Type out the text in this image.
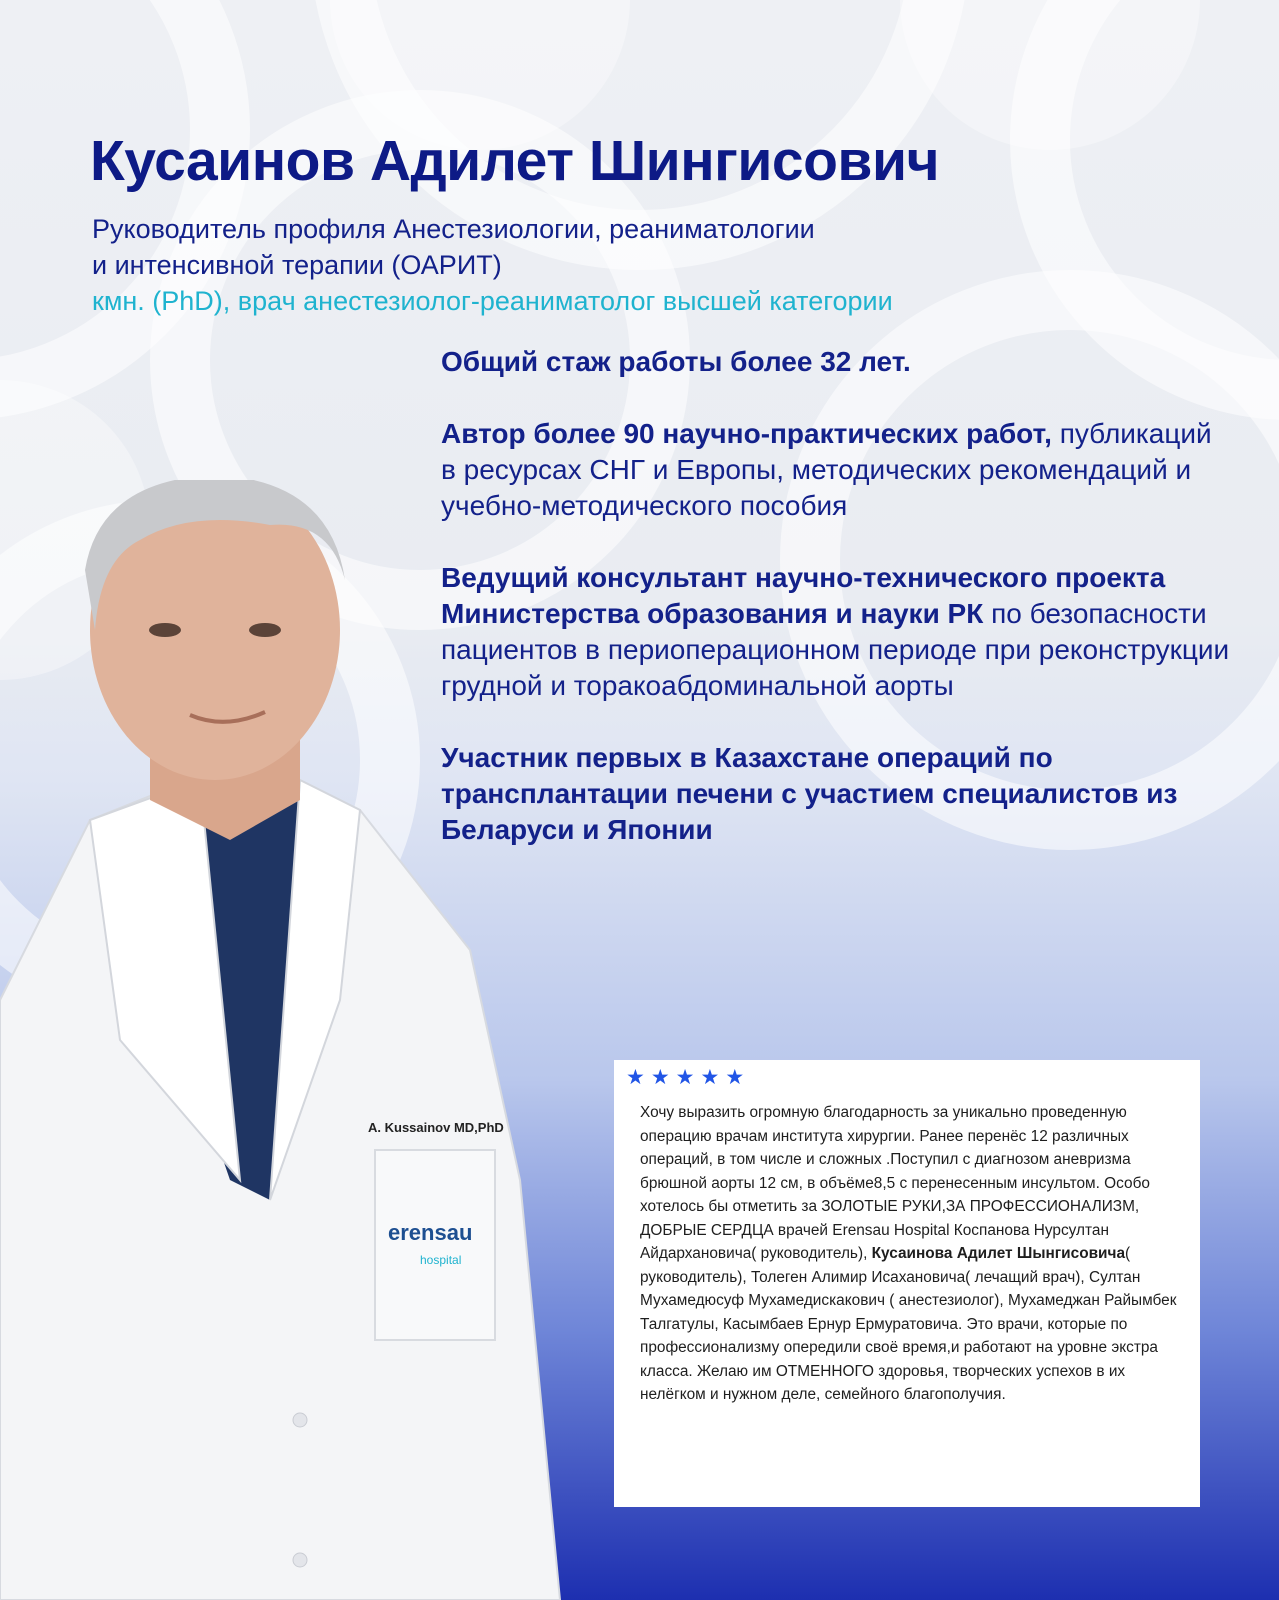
Кусаинов Адилет Шингисович
Руководитель профиля Анестезиологии, реаниматологии
и интенсивной терапии (ОАРИТ)
кмн. (PhD), врач анестезиолог-реаниматолог высшей категории

Общий стаж работы более 32 лет.

Автор более 90 научно-практических работ, публикаций в ресурсах СНГ и Европы, методических рекомендаций и учебно-методического пособия

Ведущий консультант научно-технического проекта Министерства образования и науки РК по безопасности пациентов в периоперационном периоде при реконструкции грудной и торакоабдоминальной аорты

Участник первых в Казахстане операций по трансплантации печени с участием специалистов из Беларуси и Японии

A. Kussainov MD,PhD
erensau
hospital
★ ★ ★ ★ ★

Хочу выразить огромную благодарность за уникально проведенную операцию врачам института хирургии. Ранее перенёс 12 различных операций, в том числе и сложных .Поступил с диагнозом аневризма брюшной аорты 12 см, в объёме8,5 с перенесенным инсультом. Особо хотелось бы отметить за ЗОЛОТЫЕ РУКИ,ЗА ПРОФЕССИОНАЛИЗМ, ДОБРЫЕ СЕРДЦА врачей Erensau Hospital Коспанова Нурсултан Айдархановича( руководитель), Кусаинова Адилет Шынгисовича( руководитель), Толеген Алимир Исахановича( лечащий врач), Султан Мухамедюсуф Мухамедискакович ( анестезиолог), Мухамеджан Райымбек Талгатулы, Касымбаев Ернур Ермуратовича. Это врачи, которые по профессионализму опередили своё время,и работают на уровне экстра класса. Желаю им ОТМЕННОГО здоровья, творческих успехов в их нелёгком и нужном деле, семейного благополучия.
